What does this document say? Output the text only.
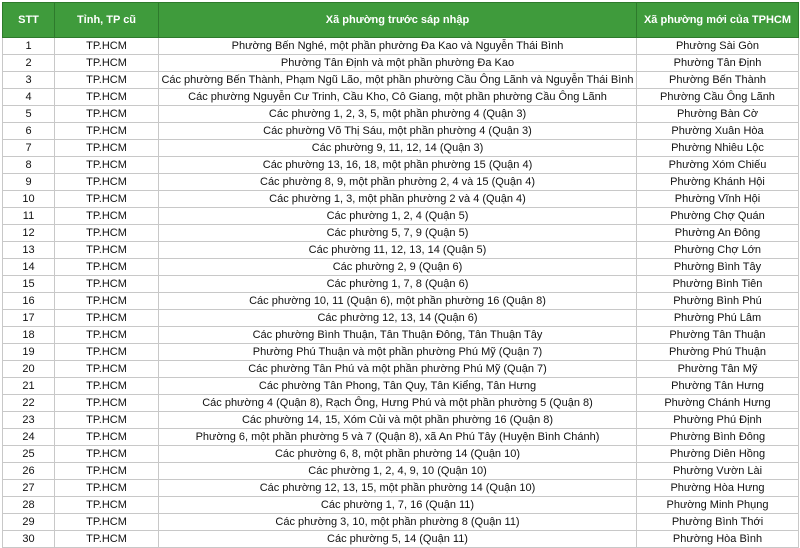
STT	Tỉnh, TP cũ	Xã phường trước sáp nhập	Xã phường mới của TPHCM
1	TP.HCM	Phường Bến Nghé, một phần phường Đa Kao và Nguyễn Thái Bình	Phường Sài Gòn
2	TP.HCM	Phường Tân Định và một phần phường Đa Kao	Phường Tân Định
3	TP.HCM	Các phường Bến Thành, Phạm Ngũ Lão, một phần phường Cầu Ông Lãnh và Nguyễn Thái Bình	Phường Bến Thành
4	TP.HCM	Các phường Nguyễn Cư Trinh, Cầu Kho, Cô Giang, một phần phường Cầu Ông Lãnh	Phường Cầu Ông Lãnh
5	TP.HCM	Các phường 1, 2, 3, 5, một phần phường 4 (Quận 3)	Phường Bàn Cờ
6	TP.HCM	Các phường Võ Thị Sáu, một phần phường 4 (Quận 3)	Phường Xuân Hòa
7	TP.HCM	Các phường 9, 11, 12, 14 (Quận 3)	Phường Nhiêu Lộc
8	TP.HCM	Các phường 13, 16, 18, một phần phường 15 (Quận 4)	Phường Xóm Chiếu
9	TP.HCM	Các phường 8, 9, một phần phường 2, 4 và 15 (Quận 4)	Phường Khánh Hội
10	TP.HCM	Các phường 1, 3, một phần phường 2 và 4 (Quận 4)	Phường Vĩnh Hội
11	TP.HCM	Các phường 1, 2, 4 (Quận 5)	Phường Chợ Quán
12	TP.HCM	Các phường 5, 7, 9 (Quận 5)	Phường An Đông
13	TP.HCM	Các phường 11, 12, 13, 14 (Quận 5)	Phường Chợ Lớn
14	TP.HCM	Các phường 2, 9 (Quận 6)	Phường Bình Tây
15	TP.HCM	Các phường 1, 7, 8 (Quận 6)	Phường Bình Tiên
16	TP.HCM	Các phường 10, 11 (Quận 6), một phần phường 16 (Quận 8)	Phường Bình Phú
17	TP.HCM	Các phường 12, 13, 14 (Quận 6)	Phường Phú Lâm
18	TP.HCM	Các phường Bình Thuận, Tân Thuận Đông, Tân Thuận Tây	Phường Tân Thuận
19	TP.HCM	Phường Phú Thuận và một phần phường Phú Mỹ (Quận 7)	Phường Phú Thuận
20	TP.HCM	Các phường Tân Phú và một phần phường Phú Mỹ (Quận 7)	Phường Tân Mỹ
21	TP.HCM	Các phường Tân Phong, Tân Quy, Tân Kiểng, Tân Hưng	Phường Tân Hưng
22	TP.HCM	Các phường 4 (Quận 8), Rạch Ông, Hưng Phú và một phần phường 5 (Quận 8)	Phường Chánh Hưng
23	TP.HCM	Các phường 14, 15, Xóm Củi và một phần phường 16 (Quận 8)	Phường Phú Định
24	TP.HCM	Phường 6, một phần phường 5 và 7 (Quận 8), xã An Phú Tây (Huyện Bình Chánh)	Phường Bình Đông
25	TP.HCM	Các phường 6, 8, một phần phường 14 (Quận 10)	Phường Diên Hồng
26	TP.HCM	Các phường 1, 2, 4, 9, 10 (Quận 10)	Phường Vườn Lài
27	TP.HCM	Các phường 12, 13, 15, một phần phường 14 (Quận 10)	Phường Hòa Hưng
28	TP.HCM	Các phường 1, 7, 16 (Quận 11)	Phường Minh Phụng
29	TP.HCM	Các phường 3, 10, một phần phường 8 (Quận 11)	Phường Bình Thới
30	TP.HCM	Các phường 5, 14 (Quận 11)	Phường Hòa Bình
